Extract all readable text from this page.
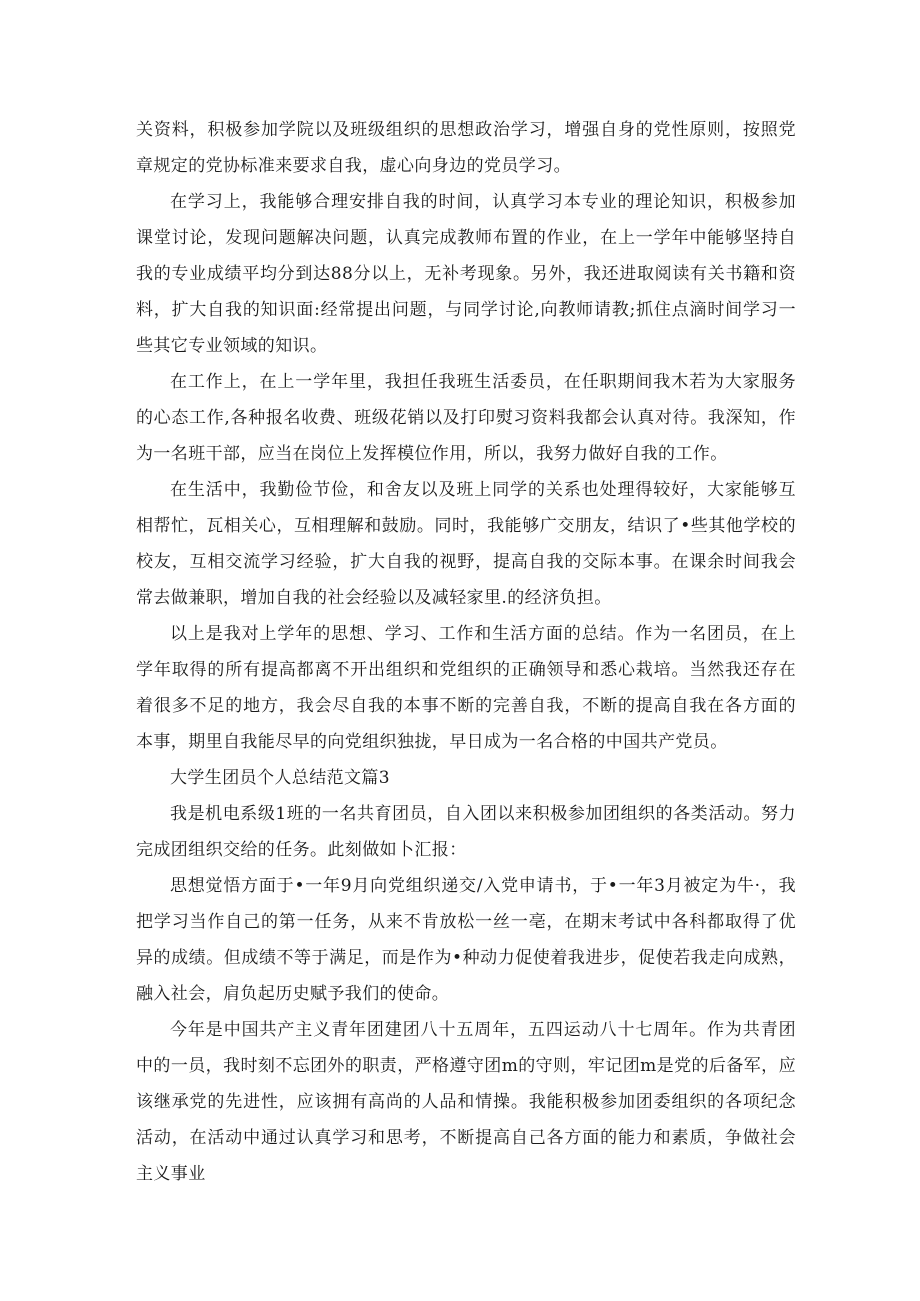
关资料，积极参加学院以及班级组织的思想政治学习，增强自身的党性原则，按照党章规定的党协标准来要求自我，虚心向身边的党员学习。

在学习上，我能够合理安排自我的时间，认真学习本专业的理论知识，积极参加课堂讨论，发现问题解决问题，认真完成教师布置的作业，在上一学年中能够坚持自我的专业成绩平均分到达88分以上，无补考现象。另外，我还进取阅读有关书籍和资料，扩大自我的知识面:经常提出问题，与同学讨论,向教师请教;抓住点滴时间学习一些其它专业领域的知识。

在工作上，在上一学年里，我担任我班生活委员，在任职期间我木若为大家服务的心态工作,各种报名收费、班级花销以及打印熨习资料我都会认真对待。我深知，作为一名班干部，应当在岗位上发挥模位作用，所以，我努力做好自我的工作。

在生活中，我勤俭节俭，和舍友以及班上同学的关系也处理得较好，大家能够互相帮忙，瓦相关心，互相理解和鼓励。同时，我能够广交朋友，结识了•些其他学校的校友，互相交流学习经验，扩大自我的视野，提高自我的交际本事。在课余时间我会常去做兼职，增加自我的社会经验以及减轻家里.的经济负担。

以上是我对上学年的思想、学习、工作和生活方面的总结。作为一名团员，在上学年取得的所有提高都离不开出组织和党组织的正确领导和悉心栽培。当然我还存在着很多不足的地方，我会尽自我的本事不断的完善自我，不断的提高自我在各方面的本事，期里自我能尽早的向党组织独拢，早日成为一名合格的中国共产党员。

大学生团员个人总结范文篇3

我是机电系级1班的一名共育团员，自入团以来积极参加团组织的各类活动。努力完成团组织交给的任务。此刻做如卜汇报：

思想觉悟方面于•一年9月向党组织递交/入党申请书，于•一年3月被定为牛·，我把学习当作自己的第一任务，从来不肯放松一丝一亳，在期末考试中各科都取得了优异的成绩。但成绩不等于满足，而是作为•种动力促使着我进步，促使若我走向成熟，融入社会，肩负起历史赋予我们的使命。

今年是中国共产主义青年团建团八十五周年，五四运动八十七周年。作为共青团中的一员，我时刻不忘团外的职责，严格遵守团m的守则，牢记团m是党的后备军，应该继承党的先进性，应该拥有高尚的人品和情操。我能积极参加团委组织的各项纪念活动，在活动中通过认真学习和思考，不断提高自己各方面的能力和素质，争做社会主义事业
